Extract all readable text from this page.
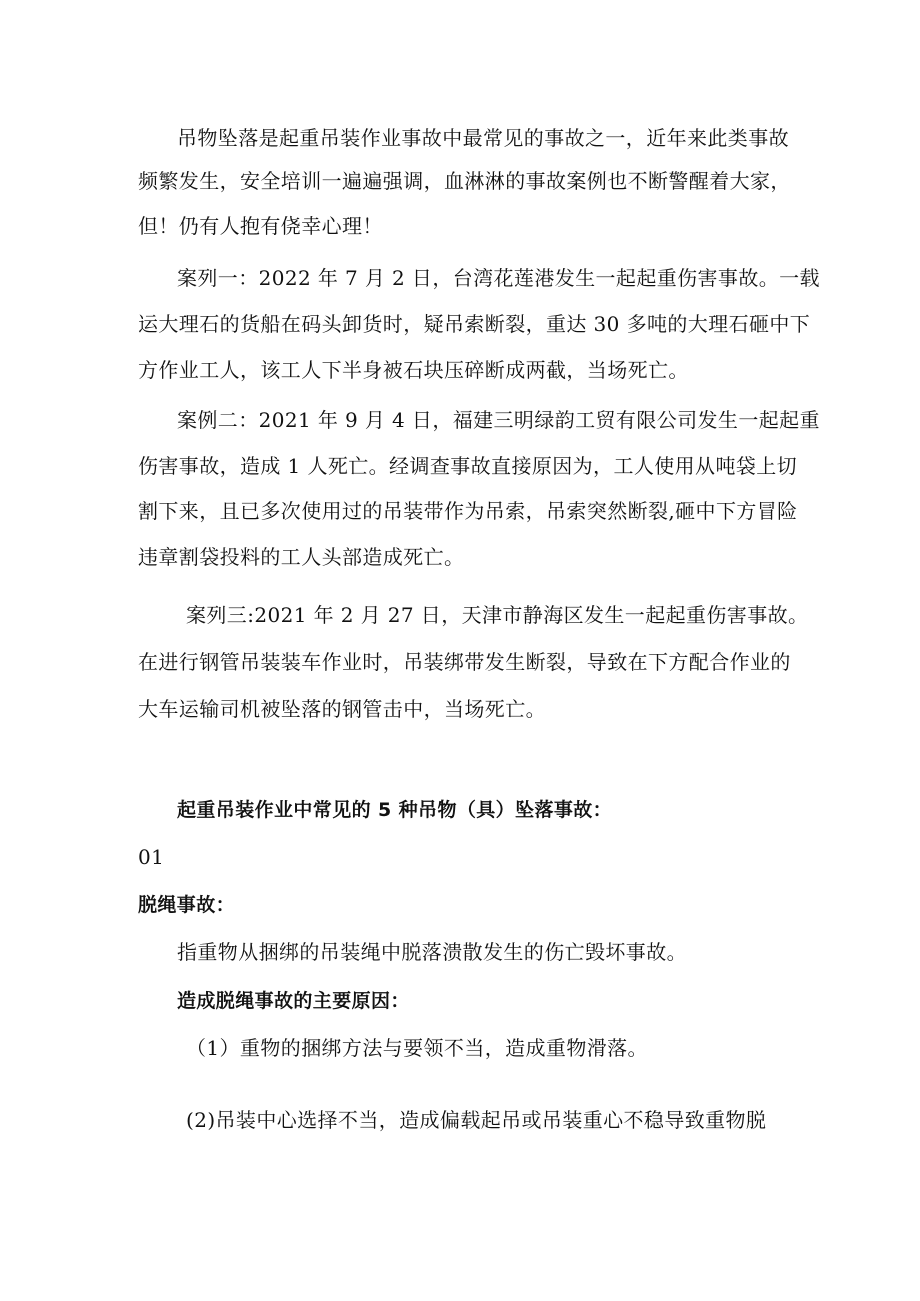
吊物坠落是起重吊装作业事故中最常见的事故之一，近年来此类事故
频繁发生，安全培训一遍遍强调，血淋淋的事故案例也不断警醒着大家，
但！仍有人抱有侥幸心理！
案列一：2022 年 7 月 2 日，台湾花莲港发生一起起重伤害事故。一载
运大理石的货船在码头卸货时，疑吊索断裂，重达 30 多吨的大理石砸中下
方作业工人，该工人下半身被石块压碎断成两截，当场死亡。
案例二：2021 年 9 月 4 日，福建三明绿韵工贸有限公司发生一起起重
伤害事故，造成 1 人死亡。经调查事故直接原因为，工人使用从吨袋上切
割下来，且已多次使用过的吊装带作为吊索，吊索突然断裂,砸中下方冒险
违章割袋投料的工人头部造成死亡。
案列三:2021 年 2 月 27 日，天津市静海区发生一起起重伤害事故。
在进行钢管吊装装车作业时，吊装绑带发生断裂，导致在下方配合作业的
大车运输司机被坠落的钢管击中，当场死亡。
起重吊装作业中常见的 5 种吊物（具）坠落事故：
01
脱绳事故：
指重物从捆绑的吊装绳中脱落溃散发生的伤亡毁坏事故。
造成脱绳事故的主要原因：
（1）重物的捆绑方法与要领不当，造成重物滑落。
(2)吊装中心选择不当，造成偏载起吊或吊装重心不稳导致重物脱
